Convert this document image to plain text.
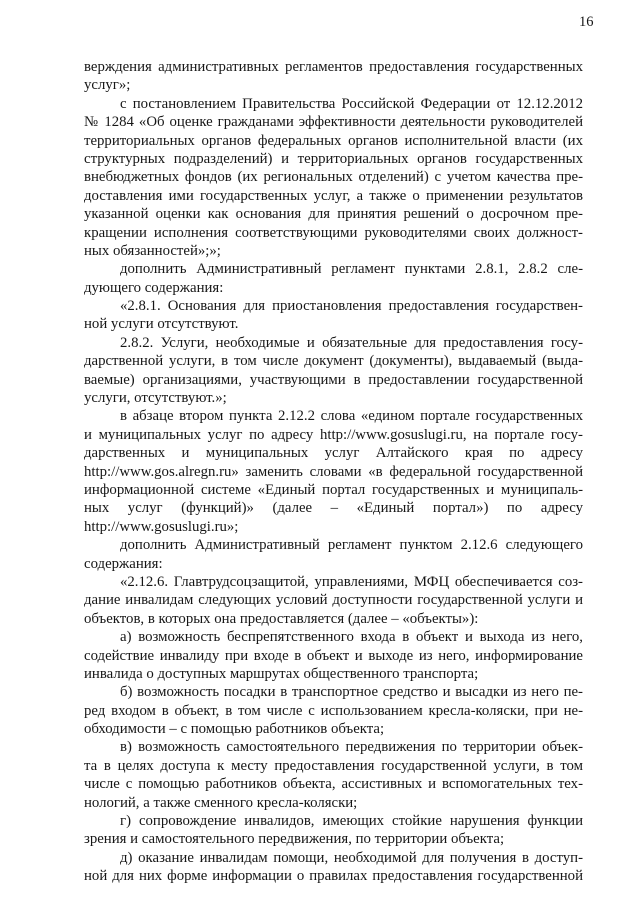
16
верждения административных регламентов предоставления государственных
услуг»;
с постановлением Правительства Российской Федерации от 12.12.2012
№ 1284 «Об оценке гражданами эффективности деятельности руководителей
территориальных органов федеральных органов исполнительной власти (их
структурных подразделений) и территориальных органов государственных
внебюджетных фондов (их региональных отделений) с учетом качества пре-
доставления ими государственных услуг, а также о применении результатов
указанной оценки как основания для принятия решений о досрочном пре-
кращении исполнения соответствующими руководителями своих должност-
ных обязанностей»;»;
дополнить Административный регламент пунктами 2.8.1, 2.8.2 сле-
дующего содержания:
«2.8.1. Основания для приостановления предоставления государствен-
ной услуги отсутствуют.
2.8.2. Услуги, необходимые и обязательные для предоставления госу-
дарственной услуги, в том числе документ (документы), выдаваемый (выда-
ваемые) организациями, участвующими в предоставлении государственной
услуги, отсутствуют.»;
в абзаце втором пункта 2.12.2 слова «едином портале государственных
и муниципальных услуг по адресу http://www.gosuslugi.ru, на портале госу-
дарственных и муниципальных услуг Алтайского края по адресу
http://www.gos.alregn.ru» заменить словами «в федеральной государственной
информационной системе «Единый портал государственных и муниципаль-
ных услуг (функций)» (далее – «Единый портал») по адресу
http://www.gosuslugi.ru»;
дополнить Административный регламент пунктом 2.12.6 следующего
содержания:
«2.12.6. Главтрудсоцзащитой, управлениями, МФЦ обеспечивается соз-
дание инвалидам следующих условий доступности государственной услуги и
объектов, в которых она предоставляется (далее – «объекты»):
а) возможность беспрепятственного входа в объект и выхода из него,
содействие инвалиду при входе в объект и выходе из него, информирование
инвалида о доступных маршрутах общественного транспорта;
б) возможность посадки в транспортное средство и высадки из него пе-
ред входом в объект, в том числе с использованием кресла-коляски, при не-
обходимости – с помощью работников объекта;
в) возможность самостоятельного передвижения по территории объек-
та в целях доступа к месту предоставления государственной услуги, в том
числе с помощью работников объекта, ассистивных и вспомогательных тех-
нологий, а также сменного кресла-коляски;
г) сопровождение инвалидов, имеющих стойкие нарушения функции
зрения и самостоятельного передвижения, по территории объекта;
д) оказание инвалидам помощи, необходимой для получения в доступ-
ной для них форме информации о правилах предоставления государственной
